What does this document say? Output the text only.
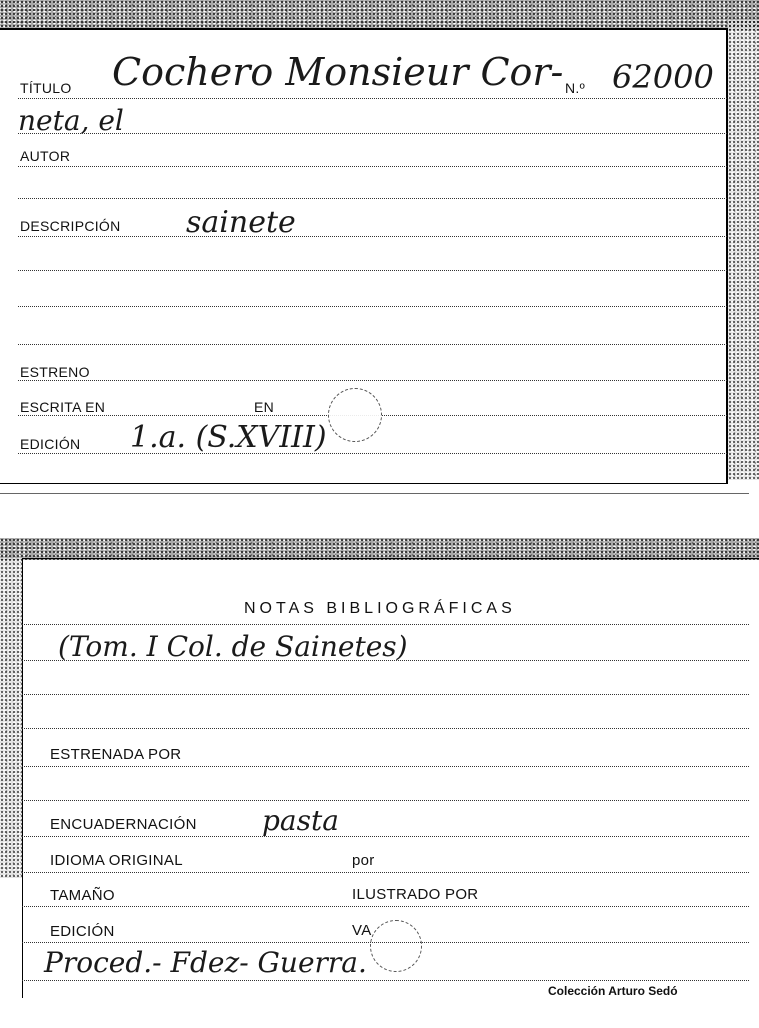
TÍTULO Cochero Monsieur Cor- N.º 62000
neta, el
AUTOR
DESCRIPCIÓN sainete
ESTRENO
ESCRITA EN	EN
EDICIÓN 1.a. (S.XVIII)
NOTAS BIBLIOGRÁFICAS
(Tom. I Col. de Sainetes)
ESTRENADA POR
ENCUADERNACIÓN pasta
IDIOMA ORIGINAL	por
TAMAÑO	ILUSTRADO POR
EDICIÓN	VA
Proced.- Fdez- Guerra.
Colección Arturo Sedó
